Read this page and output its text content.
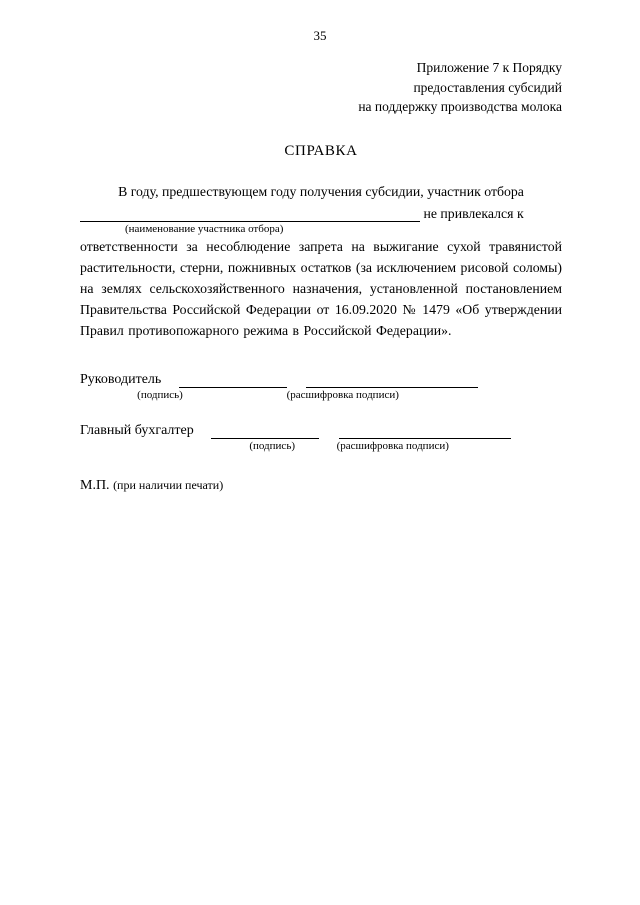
35
Приложение 7 к Порядку
предоставления субсидий
на поддержку производства молока
СПРАВКА
В году, предшествующем году получения субсидии, участник отбора
не привлекался к
(наименование участника отбора)
ответственности за несоблюдение запрета на выжигание сухой травянистой растительности, стерни, пожнивных остатков (за исключением рисовой соломы) на землях сельскохозяйственного назначения, установленной постановлением Правительства Российской Федерации от 16.09.2020 № 1479 «Об утверждении Правил противопожарного режима в Российской Федерации».
Руководитель
(подпись)	(расшифровка подписи)
Главный бухгалтер
(подпись)	(расшифровка подписи)
М.П. (при наличии печати)
